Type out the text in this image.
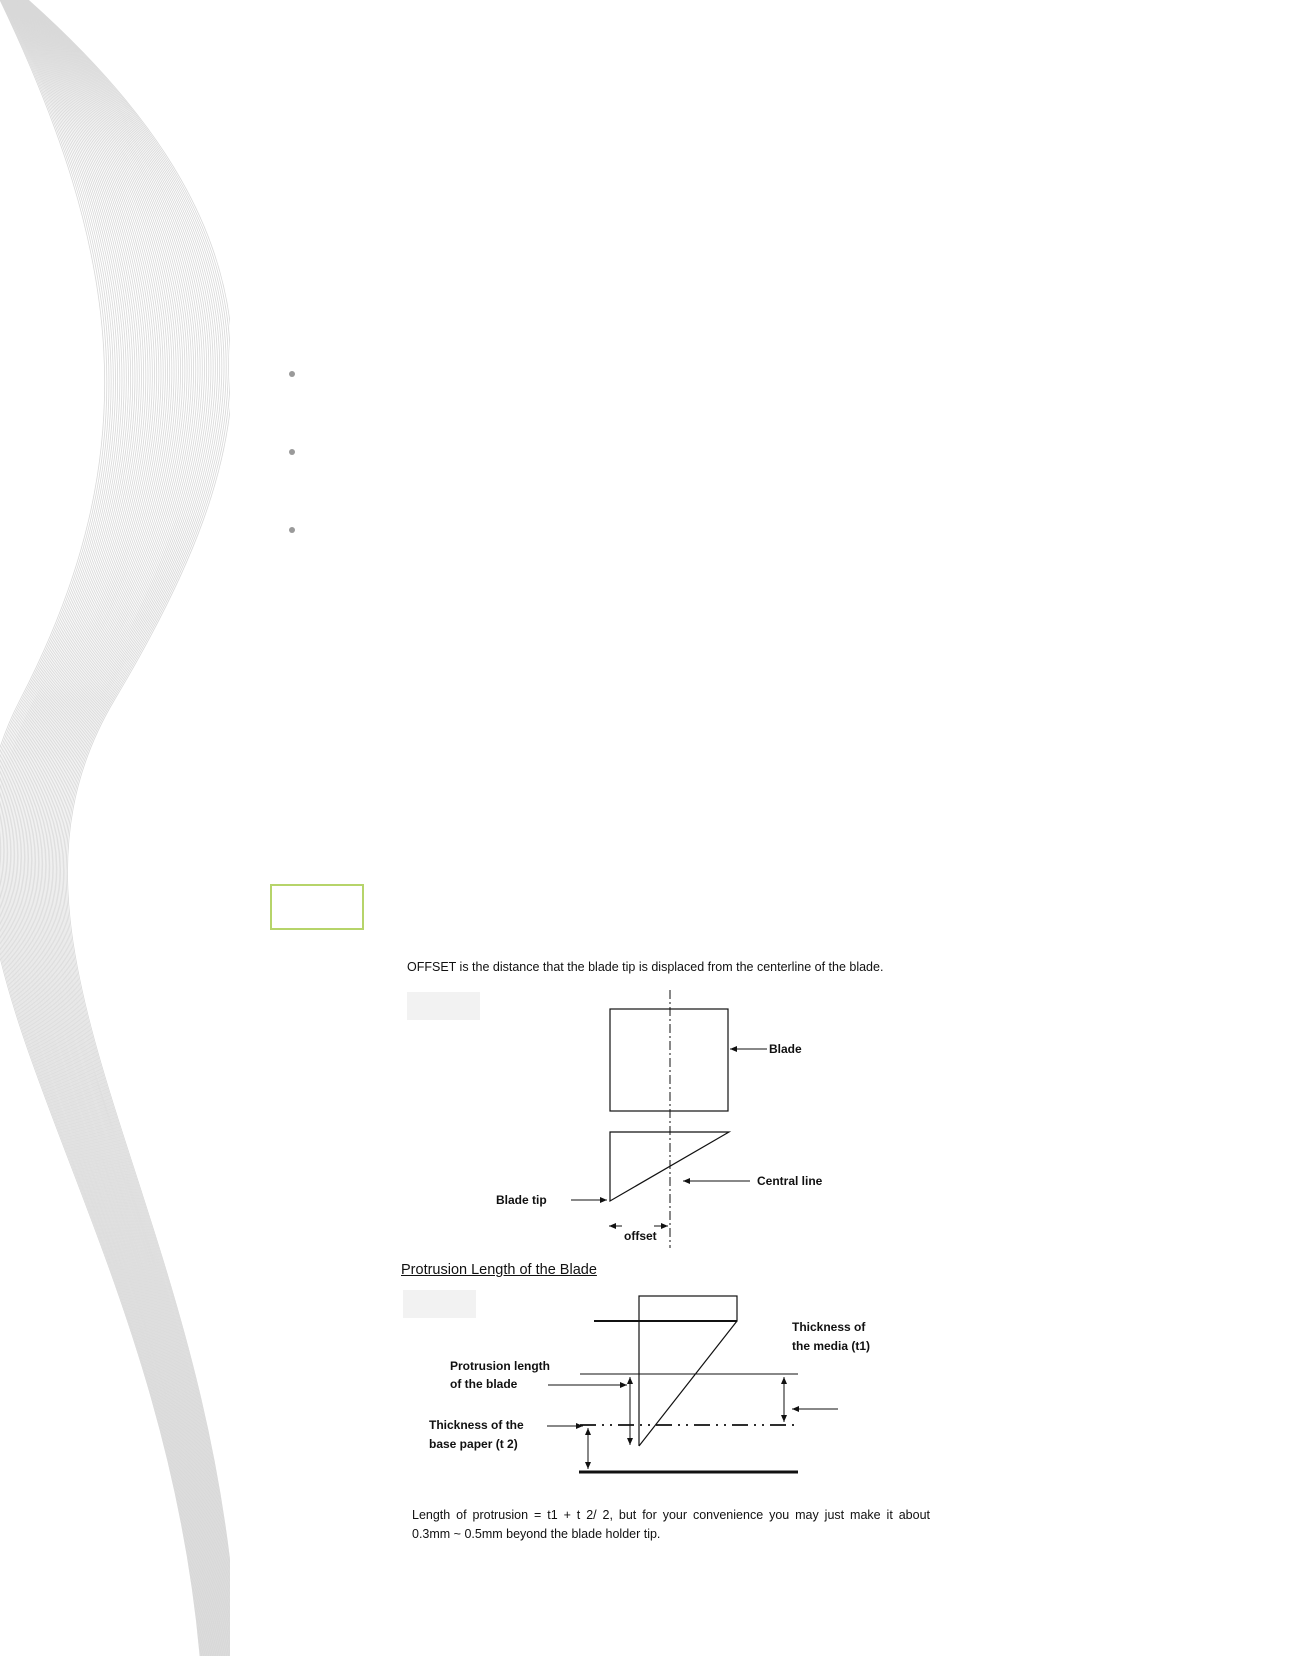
OFFSET is the distance that the blade tip is displaced from the centerline of the blade.
Blade
Central line
Blade tip
offset
Protrusion Length of the Blade
Thickness of
the media (t1)
Protrusion length
of the blade
Thickness of the
base paper (t 2)
Length of protrusion = t1 + t 2/ 2, but for your convenience you may just make it about
0.3mm ~ 0.5mm beyond the blade holder tip.
